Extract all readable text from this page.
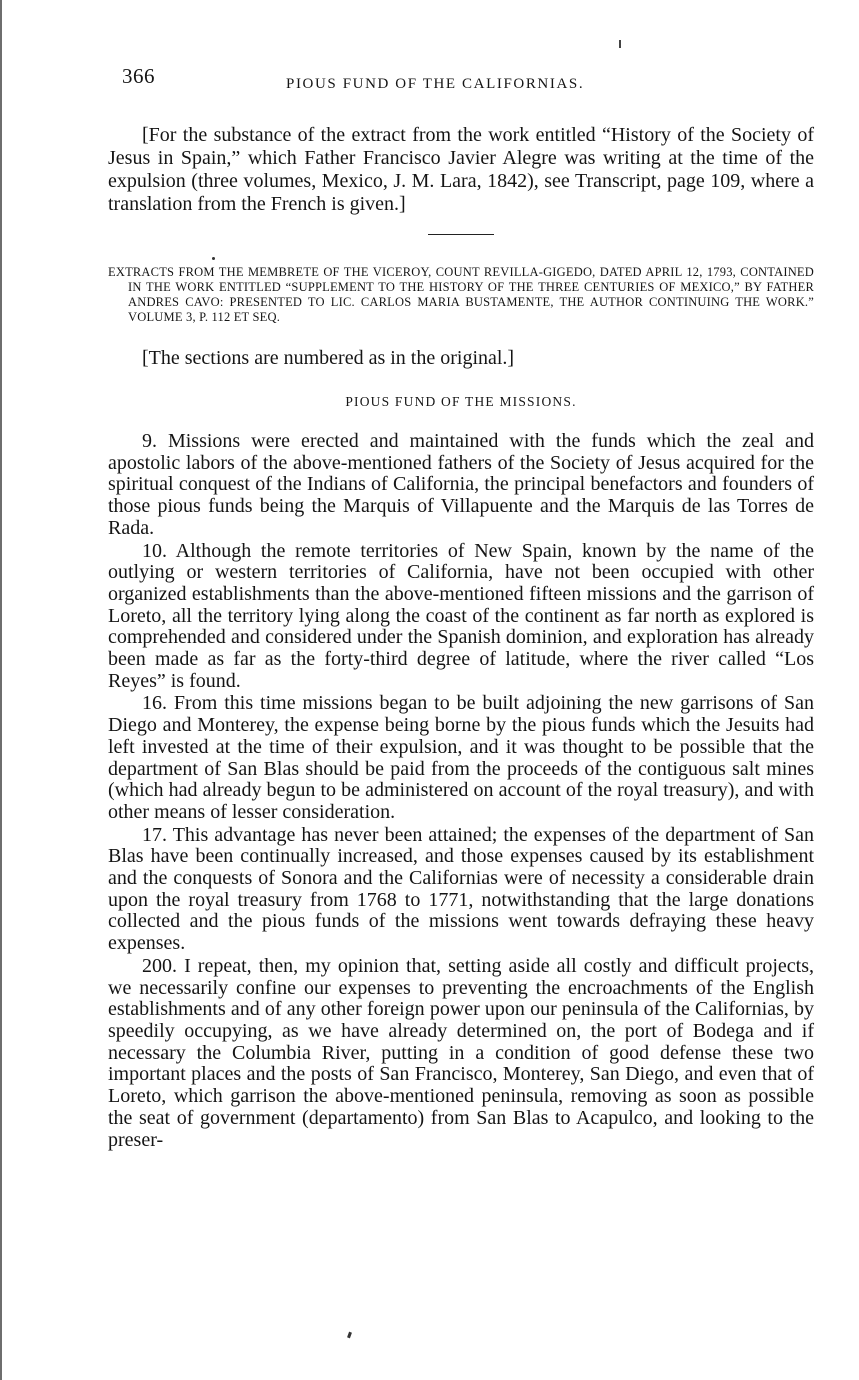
366	PIOUS FUND OF THE CALIFORNIAS.

[For the substance of the extract from the work entitled “History of the Society of Jesus in Spain,” which Father Francisco Javier Alegre was writing at the time of the expulsion (three volumes, Mexico, J. M. Lara, 1842), see Transcript, page 109, where a translation from the French is given.]

EXTRACTS FROM THE MEMBRETE OF THE VICEROY, COUNT REVILLA-GIGEDO, DATED APRIL 12, 1793, CONTAINED IN THE WORK ENTITLED “SUPPLEMENT TO THE HISTORY OF THE THREE CENTURIES OF MEXICO,” BY FATHER ANDRES CAVO: PRESENTED TO LIC. CARLOS MARIA BUSTAMENTE, THE AUTHOR CONTINUING THE WORK.” VOLUME 3, P. 112 ET SEQ.

[The sections are numbered as in the original.]

PIOUS FUND OF THE MISSIONS.

9. Missions were erected and maintained with the funds which the zeal and apostolic labors of the above-mentioned fathers of the Society of Jesus acquired for the spiritual conquest of the Indians of California, the principal benefactors and founders of those pious funds being the Marquis of Villapuente and the Marquis de las Torres de Rada.

10. Although the remote territories of New Spain, known by the name of the outlying or western territories of California, have not been occupied with other organized establishments than the above-mentioned fifteen missions and the garrison of Loreto, all the territory lying along the coast of the continent as far north as explored is comprehended and considered under the Spanish dominion, and exploration has already been made as far as the forty-third degree of latitude, where the river called “Los Reyes” is found.

16. From this time missions began to be built adjoining the new garrisons of San Diego and Monterey, the expense being borne by the pious funds which the Jesuits had left invested at the time of their expulsion, and it was thought to be possible that the department of San Blas should be paid from the proceeds of the contiguous salt mines (which had already begun to be administered on account of the royal treasury), and with other means of lesser consideration.

17. This advantage has never been attained; the expenses of the department of San Blas have been continually increased, and those expenses caused by its establishment and the conquests of Sonora and the Californias were of necessity a considerable drain upon the royal treasury from 1768 to 1771, notwithstanding that the large donations collected and the pious funds of the missions went towards defraying these heavy expenses.

200. I repeat, then, my opinion that, setting aside all costly and difficult projects, we necessarily confine our expenses to preventing the encroachments of the English establishments and of any other foreign power upon our peninsula of the Californias, by speedily occupying, as we have already determined on, the port of Bodega and if necessary the Columbia River, putting in a condition of good defense these two important places and the posts of San Francisco, Monterey, San Diego, and even that of Loreto, which garrison the above-mentioned peninsula, removing as soon as possible the seat of government (departamento) from San Blas to Acapulco, and looking to the preser-
